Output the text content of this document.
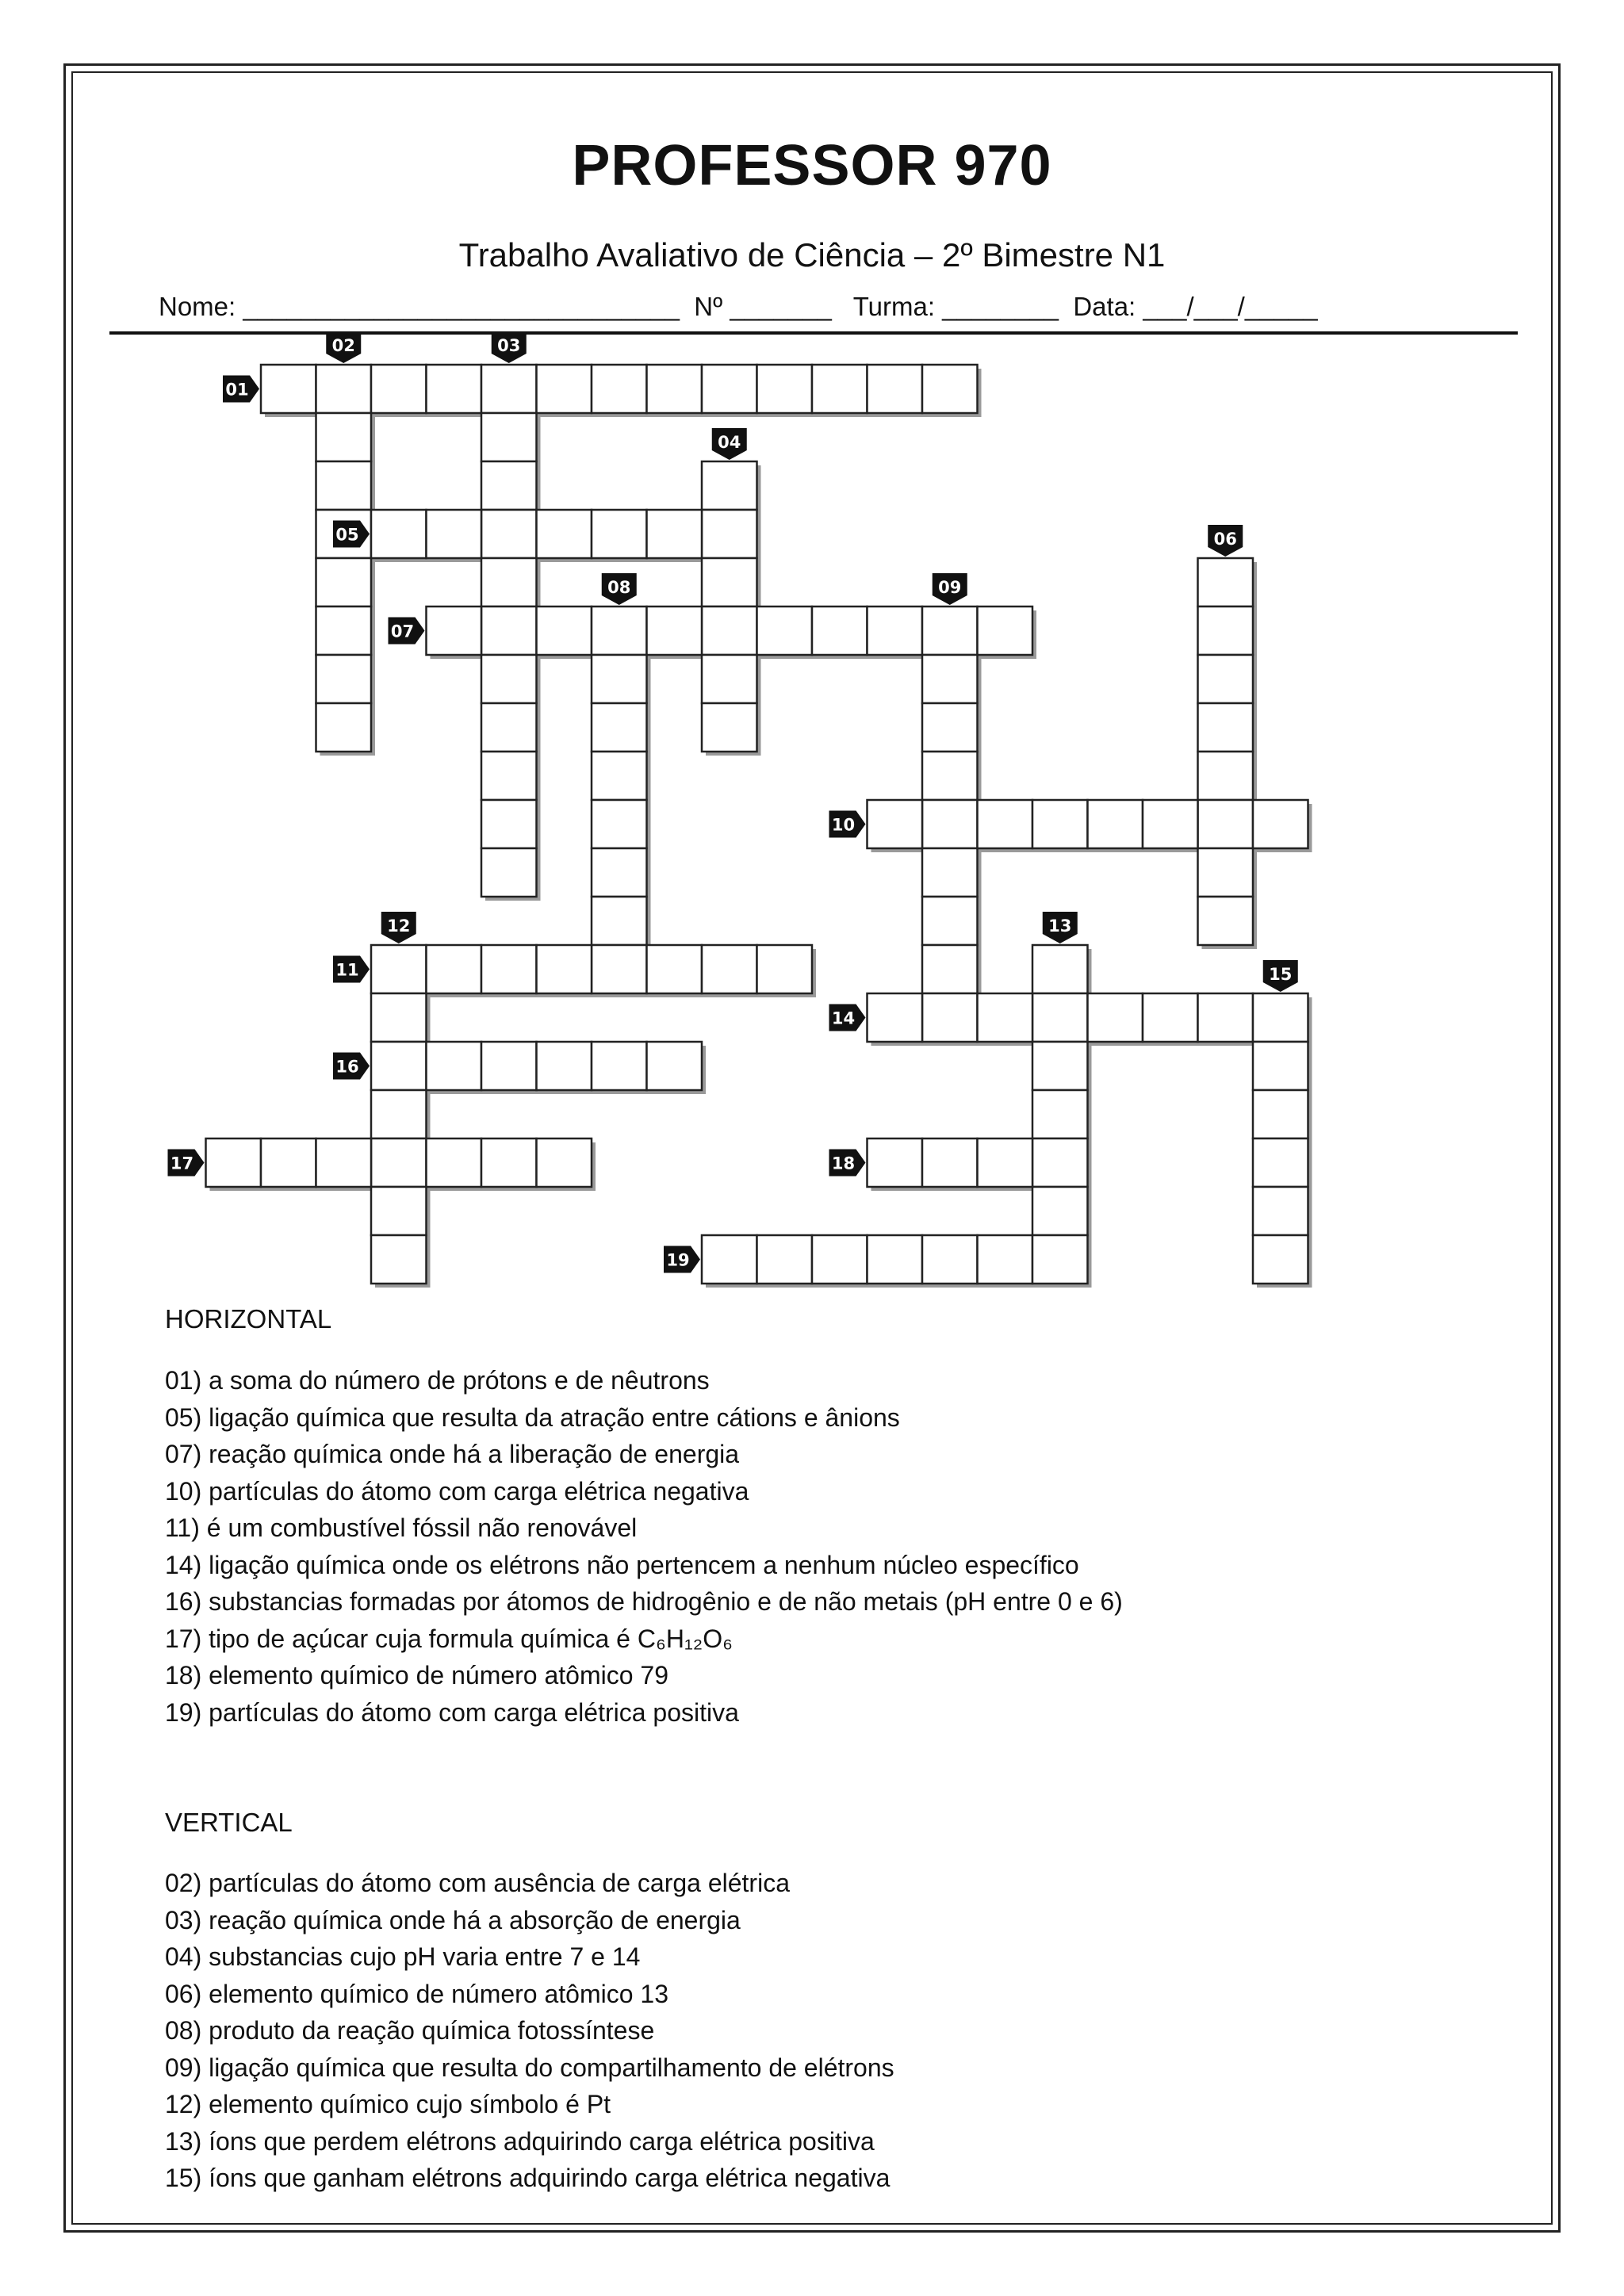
PROFESSOR 970
Trabalho Avaliativo de Ciência – 2º Bimestre N1
Nome: ______________________________  Nº _______   Turma: ________  Data: ___/___/_____
01
02	03
04
05	06
07
08	09
10
11
12	13
14
15
16
17	18
19
HORIZONTAL
01) a soma do número de prótons e de nêutrons
05) ligação química que resulta da atração entre cátions e ânions
07) reação química onde há a liberação de energia
10) partículas do átomo com carga elétrica negativa
11) é um combustível fóssil não renovável
14) ligação química onde os elétrons não pertencem a nenhum núcleo específico
16) substancias formadas por átomos de hidrogênio e de não metais (pH entre 0 e 6)
17) tipo de açúcar cuja formula química é C₆H₁₂O₆
18) elemento químico de número atômico 79
19) partículas do átomo com carga elétrica positiva
VERTICAL
02) partículas do átomo com ausência de carga elétrica
03) reação química onde há a absorção de energia
04) substancias cujo pH varia entre 7 e 14
06) elemento químico de número atômico 13
08) produto da reação química fotossíntese
09) ligação química que resulta do compartilhamento de elétrons
12) elemento químico cujo símbolo é Pt
13) íons que perdem elétrons adquirindo carga elétrica positiva
15) íons que ganham elétrons adquirindo carga elétrica negativa
